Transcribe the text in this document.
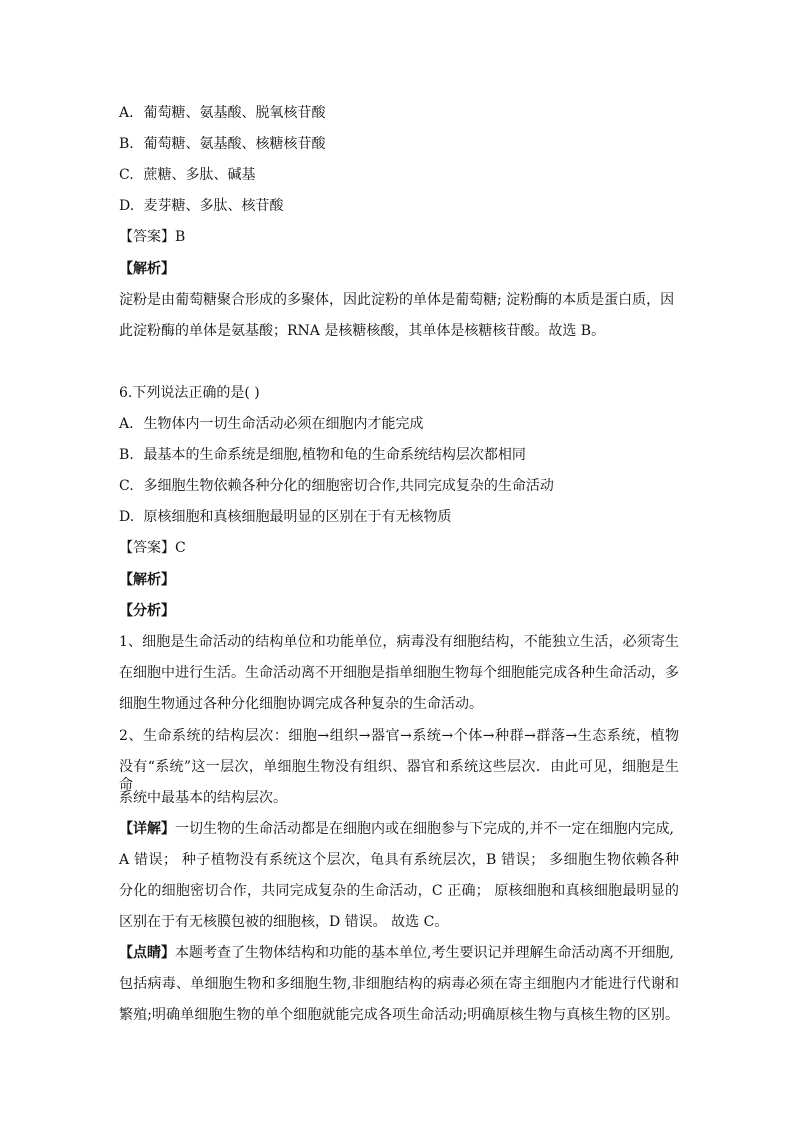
A. 葡萄糖、氨基酸、脱氧核苷酸
B. 葡萄糖、氨基酸、核糖核苷酸
C. 蔗糖、多肽、碱基
D. 麦芽糖、多肽、核苷酸
【答案】B
【解析】
淀粉是由葡萄糖聚合形成的多聚体，因此淀粉的单体是葡萄糖; 淀粉酶的本质是蛋白质，因
此淀粉酶的单体是氨基酸；RNA 是核糖核酸，其单体是核糖核苷酸。故选 B。
6.下列说法正确的是( )
A. 生物体内一切生命活动必须在细胞内才能完成
B. 最基本的生命系统是细胞,植物和龟的生命系统结构层次都相同
C. 多细胞生物依赖各种分化的细胞密切合作,共同完成复杂的生命活动
D. 原核细胞和真核细胞最明显的区别在于有无核物质
【答案】C
【解析】
【分析】
1、细胞是生命活动的结构单位和功能单位，病毒没有细胞结构，不能独立生活，必须寄生
在细胞中进行生活。生命活动离不开细胞是指单细胞生物每个细胞能完成各种生命活动，多
细胞生物通过各种分化细胞协调完成各种复杂的生命活动。
2、生命系统的结构层次：细胞→组织→器官→系统→个体→种群→群落→生态系统，植物
没有“系统”这一层次，单细胞生物没有组织、器官和系统这些层次．由此可见，细胞是生命
系统中最基本的结构层次。
【详解】一切生物的生命活动都是在细胞内或在细胞参与下完成的,并不一定在细胞内完成,
A 错误； 种子植物没有系统这个层次，龟具有系统层次，B 错误； 多细胞生物依赖各种
分化的细胞密切合作，共同完成复杂的生命活动，C 正确； 原核细胞和真核细胞最明显的
区别在于有无核膜包被的细胞核，D 错误。 故选 C。
【点睛】本题考查了生物体结构和功能的基本单位,考生要识记并理解生命活动离不开细胞,
包括病毒、单细胞生物和多细胞生物,非细胞结构的病毒必须在寄主细胞内才能进行代谢和
繁殖;明确单细胞生物的单个细胞就能完成各项生命活动;明确原核生物与真核生物的区别。
